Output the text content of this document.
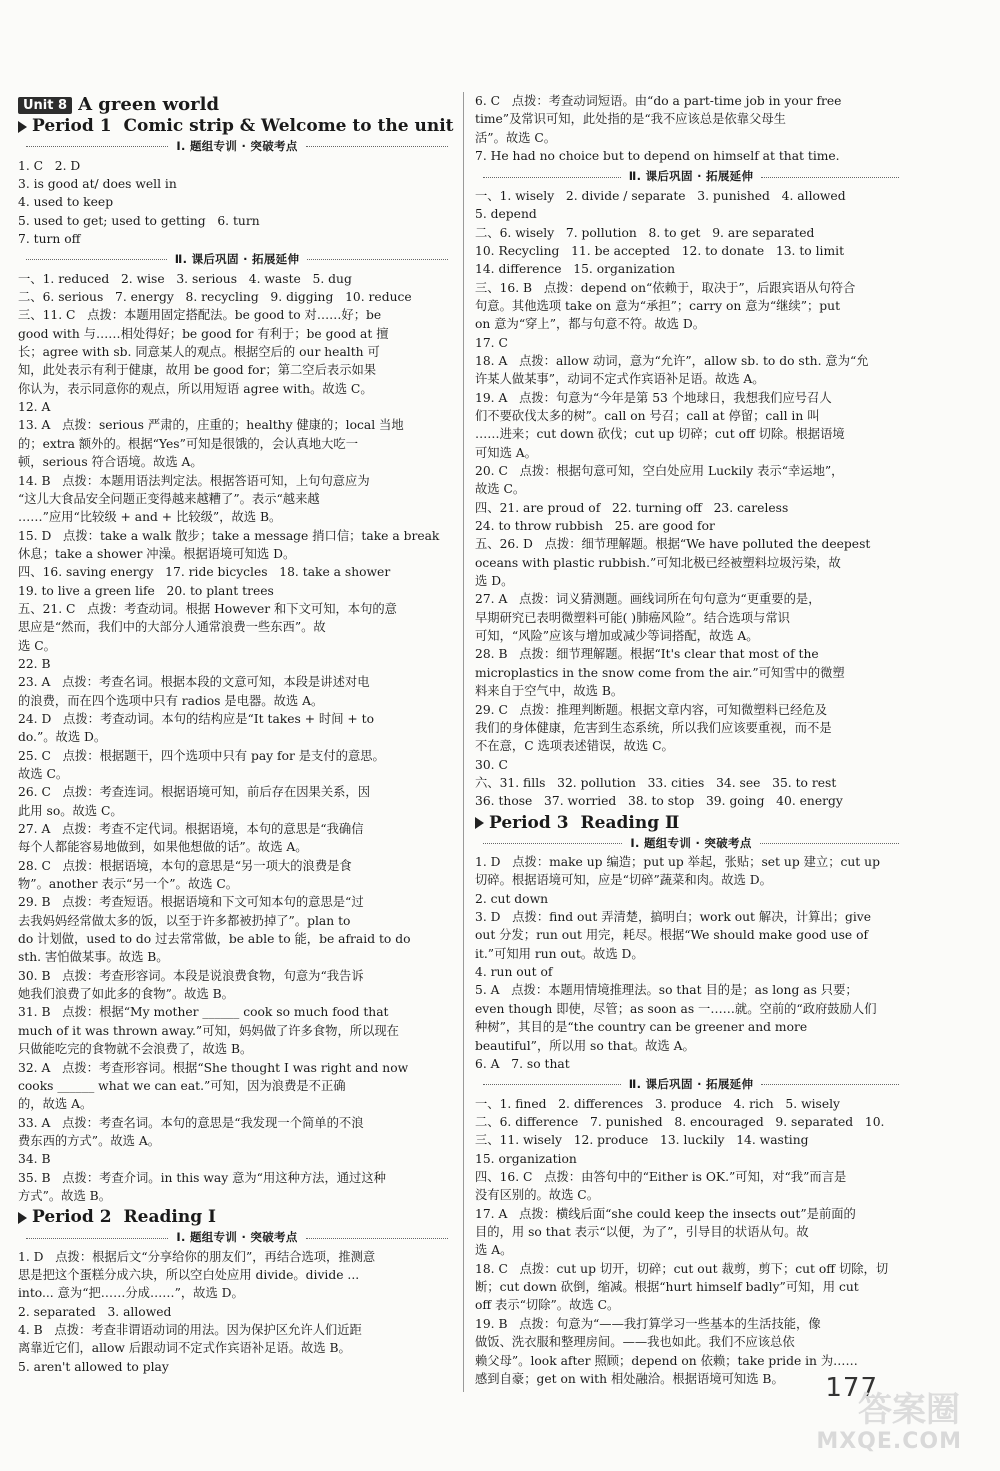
Unit 8 A green world
Period 1 Comic strip & Welcome to the unit
Ⅰ. 题组专训 · 突破考点
1. C   2. D
3. is good at/ does well in
4. used to keep
5. used to get; used to getting   6. turn
7. turn off
Ⅱ. 课后巩固 · 拓展延伸
一、1. reduced   2. wise   3. serious   4. waste   5. dug
二、6. serious   7. energy   8. recycling   9. digging   10. reduce
三、11. C   点拨：本题用固定搭配法。be good to 对……好；be
good with 与……相处得好；be good for 有利于；be good at 擅
长；agree with sb. 同意某人的观点。根据空后的 our health 可
知，此处表示有利于健康，故用 be good for；第二空后表示如果
你认为，表示同意你的观点，所以用短语 agree with。故选 C。
12. A
13. A   点拨：serious 严肃的，庄重的；healthy 健康的；local 当地
的；extra 额外的。根据“Yes”可知是很饿的，会认真地大吃一
顿，serious 符合语境。故选 A。
14. B   点拨：本题用语法判定法。根据答语可知，上句句意应为
“这儿大食品安全问题正变得越来越糟了”。表示“越来越
……”应用“比较级 + and + 比较级”，故选 B。
15. D   点拨：take a walk 散步；take a message 捎口信；take a break
休息；take a shower 冲澡。根据语境可知选 D。
四、16. saving energy   17. ride bicycles   18. take a shower
19. to live a green life   20. to plant trees
五、21. C   点拨：考查动词。根据 However 和下文可知，本句的意
思应是“然而，我们中的大部分人通常浪费一些东西”。故
选 C。
22. B
23. A   点拨：考查名词。根据本段的文意可知，本段是讲述对电
的浪费，而在四个选项中只有 radios 是电器。故选 A。
24. D   点拨：考查动词。本句的结构应是“It takes + 时间 + to
do.”。故选 D。
25. C   点拨：根据题干，四个选项中只有 pay for 是支付的意思。
故选 C。
26. C   点拨：考查连词。根据语境可知，前后存在因果关系，因
此用 so。故选 C。
27. A   点拨：考查不定代词。根据语境，本句的意思是“我确信
每个人都能容易地做到，如果他想做的话”。故选 A。
28. C   点拨：根据语境，本句的意思是“另一项大的浪费是食
物”。another 表示“另一个”。故选 C。
29. B   点拨：考查短语。根据语境和下文可知本句的意思是“过
去我妈妈经常做太多的饭，以至于许多都被扔掉了”。plan to
do 计划做，used to do 过去常常做，be able to 能，be afraid to do
sth. 害怕做某事。故选 B。
30. B   点拨：考查形容词。本段是说浪费食物，句意为“我告诉
她我们浪费了如此多的食物”。故选 B。
31. B   点拨：根据“My mother ______ cook so much food that
much of it was thrown away.”可知，妈妈做了许多食物，所以现在
只做能吃完的食物就不会浪费了，故选 B。
32. A   点拨：考查形容词。根据“She thought I was right and now
cooks ______ what we can eat.”可知，因为浪费是不正确
的，故选 A。
33. A   点拨：考查名词。本句的意思是“我发现一个简单的不浪
费东西的方式”。故选 A。
34. B
35. B   点拨：考查介词。in this way 意为“用这种方法，通过这种
方式”。故选 B。
Period 2 Reading Ⅰ
Ⅰ. 题组专训 · 突破考点
1. D   点拨：根据后文“分享给你的朋友们”，再结合选项，推测意
思是把这个蛋糕分成六块，所以空白处应用 divide。divide ...
into... 意为“把……分成……”，故选 D。
2. separated   3. allowed
4. B   点拨：考查非谓语动词的用法。因为保护区允许人们近距
离靠近它们，allow 后跟动词不定式作宾语补足语。故选 B。
5. aren't allowed to play
6. C   点拨：考查动词短语。由“do a part-time job in your free
time”及常识可知，此处指的是“我不应该总是依靠父母生
活”。故选 C。
7. He had no choice but to depend on himself at that time.
Ⅱ. 课后巩固 · 拓展延伸
一、1. wisely   2. divide / separate   3. punished   4. allowed
5. depend
二、6. wisely   7. pollution   8. to get   9. are separated
10. Recycling   11. be accepted   12. to donate   13. to limit
14. difference   15. organization
三、16. B   点拨：depend on“依赖于，取决于”，后跟宾语从句符合
句意。其他选项 take on 意为“承担”；carry on 意为“继续”；put
on 意为“穿上”，都与句意不符。故选 D。
17. C
18. A   点拨：allow 动词，意为“允许”，allow sb. to do sth. 意为“允
许某人做某事”，动词不定式作宾语补足语。故选 A。
19. A   点拨：句意为“今年是第 53 个地球日，我想我们应号召人
们不要砍伐太多的树”。call on 号召；call at 停留；call in 叫
……进来；cut down 砍伐；cut up 切碎；cut off 切除。根据语境
可知选 A。
20. C   点拨：根据句意可知，空白处应用 Luckily 表示“幸运地”，
故选 C。
四、21. are proud of   22. turning off   23. careless
24. to throw rubbish   25. are good for
五、26. D   点拨：细节理解题。根据“We have polluted the deepest
oceans with plastic rubbish.”可知北极已经被塑料垃圾污染，故
选 D。
27. A   点拨：词义猜测题。画线词所在句句意为“更重要的是，
早期研究已表明微塑料可能( )肺癌风险”。结合选项与常识
可知，“风险”应该与增加或减少等词搭配，故选 A。
28. B   点拨：细节理解题。根据“It's clear that most of the
microplastics in the snow come from the air.”可知雪中的微塑
料来自于空气中，故选 B。
29. C   点拨：推理判断题。根据文章内容，可知微塑料已经危及
我们的身体健康，危害到生态系统，所以我们应该要重视，而不是
不在意，C 选项表述错误，故选 C。
30. C
六、31. fills   32. pollution   33. cities   34. see   35. to rest
36. those   37. worried   38. to stop   39. going   40. energy
Period 3 Reading Ⅱ
Ⅰ. 题组专训 · 突破考点
1. D   点拨：make up 编造；put up 举起，张贴；set up 建立；cut up
切碎。根据语境可知，应是“切碎”蔬菜和肉。故选 D。
2. cut down
3. D   点拨：find out 弄清楚，搞明白；work out 解决，计算出；give
out 分发；run out 用完，耗尽。根据“We should make good use of
it.”可知用 run out。故选 D。
4. run out of
5. A   点拨：本题用情境推理法。so that 目的是；as long as 只要；
even though 即使，尽管；as soon as 一……就。空前的“政府鼓励人们
种树”，其目的是“the country can be greener and more
beautiful”，所以用 so that。故选 A。
6. A   7. so that
Ⅱ. 课后巩固 · 拓展延伸
一、1. fined   2. differences   3. produce   4. rich   5. wisely
二、6. difference   7. punished   8. encouraged   9. separated   10.
三、11. wisely   12. produce   13. luckily   14. wasting
15. organization
四、16. C   点拨：由答句中的“Either is OK.”可知，对“我”而言是
没有区别的。故选 C。
17. A   点拨：横线后面“she could keep the insects out”是前面的
目的，用 so that 表示“以便，为了”，引导目的状语从句。故
选 A。
18. C   点拨：cut up 切开，切碎；cut out 裁剪，剪下；cut off 切除，切
断；cut down 砍倒，缩减。根据“hurt himself badly”可知，用 cut
off 表示“切除”。故选 C。
19. B   点拨：句意为“——我打算学习一些基本的生活技能，像
做饭、洗衣服和整理房间。——我也如此。我们不应该总依
赖父母”。look after 照顾；depend on 依赖；take pride in 为……
感到自豪；get on with 相处融洽。根据语境可知选 B。	177
答案圈
MXQE.COM
